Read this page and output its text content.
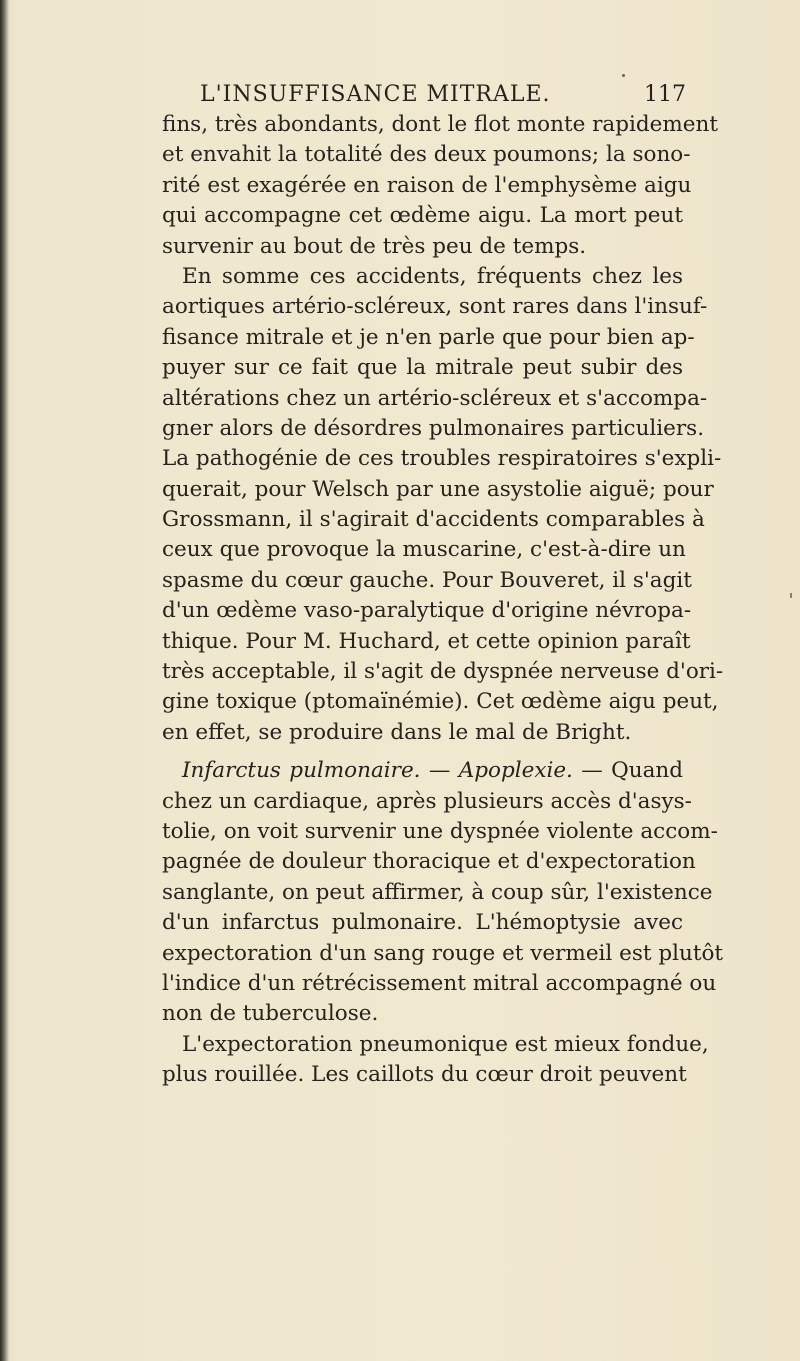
L'INSUFFISANCE MITRALE.	117
fins, très abondants, dont le flot monte rapidement
et envahit la totalité des deux poumons; la sono-
rité est exagérée en raison de l'emphysème aigu
qui accompagne cet œdème aigu. La mort peut
survenir au bout de très peu de temps.
En somme ces accidents, fréquents chez les
aortiques artério-scléreux, sont rares dans l'insuf-
fisance mitrale et je n'en parle que pour bien ap-
puyer sur ce fait que la mitrale peut subir des
altérations chez un artério-scléreux et s'accompa-
gner alors de désordres pulmonaires particuliers.
La pathogénie de ces troubles respiratoires s'expli-
querait, pour Welsch par une asystolie aiguë; pour
Grossmann, il s'agirait d'accidents comparables à
ceux que provoque la muscarine, c'est-à-dire un
spasme du cœur gauche. Pour Bouveret, il s'agit
d'un œdème vaso-paralytique d'origine névropa-
thique. Pour M. Huchard, et cette opinion paraît
très acceptable, il s'agit de dyspnée nerveuse d'ori-
gine toxique (ptomaïnémie). Cet œdème aigu peut,
en effet, se produire dans le mal de Bright.
Infarctus pulmonaire. — Apoplexie. — Quand
chez un cardiaque, après plusieurs accès d'asys-
tolie, on voit survenir une dyspnée violente accom-
pagnée de douleur thoracique et d'expectoration
sanglante, on peut affirmer, à coup sûr, l'existence
d'un infarctus pulmonaire. L'hémoptysie avec
expectoration d'un sang rouge et vermeil est plutôt
l'indice d'un rétrécissement mitral accompagné ou
non de tuberculose.
L'expectoration pneumonique est mieux fondue,
plus rouillée. Les caillots du cœur droit peuvent
